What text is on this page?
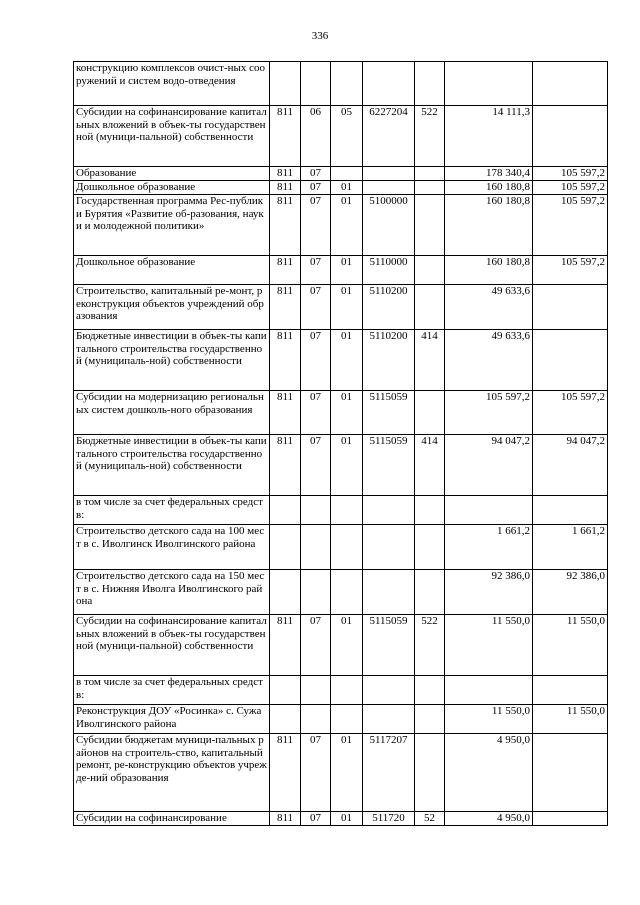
336
конструкцию комплексов очист-ных сооружений и систем водо-отведения							
Субсидии на софинансирование капитальных вложений в объек-ты государственной (муници-пальной) собственности	811	06	05	6227204	522	14 111,3	
Образование	811	07				178 340,4	105 597,2
Дошкольное образование	811	07	01			160 180,8	105 597,2
Государственная программа Рес-публики Бурятия «Развитие об-разования, науки и молодежной политики»	811	07	01	5100000		160 180,8	105 597,2
Дошкольное образование	811	07	01	5110000		160 180,8	105 597,2
Строительство, капитальный ре-монт, реконструкция объектов учреждений образования	811	07	01	5110200		49 633,6	
Бюджетные инвестиции в объек-ты капитального строительства государственной (муниципаль-ной) собственности	811	07	01	5110200	414	49 633,6	
Субсидии на модернизацию региональных систем дошколь-ного образования	811	07	01	5115059		105 597,2	105 597,2
Бюджетные инвестиции в объек-ты капитального строительства государственной (муниципаль-ной) собственности	811	07	01	5115059	414	94 047,2	94 047,2
в том числе за счет федеральных средств:							
Строительство детского сада на 100 мест в с. Иволгинск Иволгинского района						1 661,2	1 661,2
Строительство детского сада на 150 мест в с. Нижняя Иволга Иволгинского района						92 386,0	92 386,0
Субсидии на софинансирование капитальных вложений в объек-ты государственной (муници-пальной) собственности	811	07	01	5115059	522	11 550,0	11 550,0
в том числе за счет федеральных средств:							
Реконструкция ДОУ «Росинка» с. Сужа Иволгинского района						11 550,0	11 550,0
Субсидии бюджетам муници-пальных районов на строитель-ство, капитальный ремонт, ре-конструкцию объектов учрежде-ний образования	811	07	01	5117207		4 950,0	
Субсидии на софинансирование	811	07	01	511720	52	4 950,0	
